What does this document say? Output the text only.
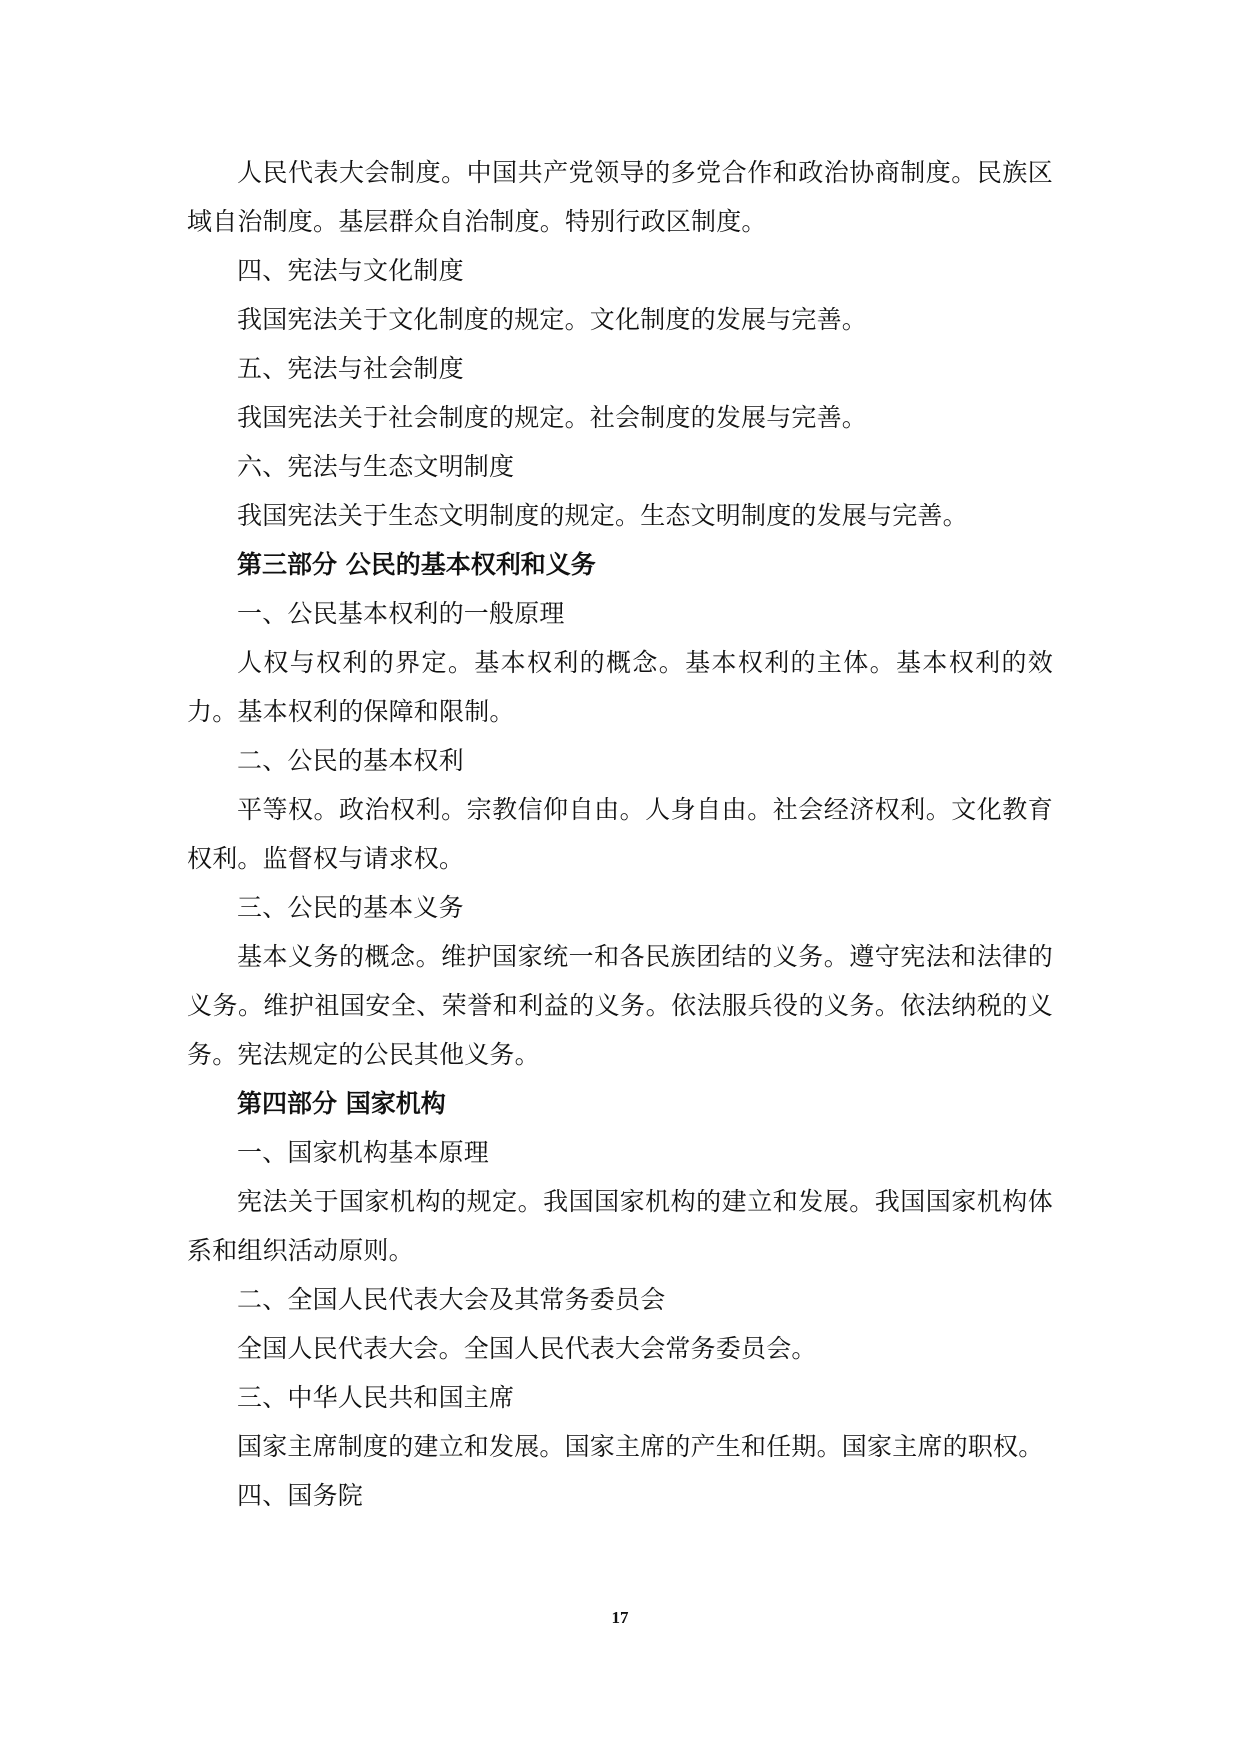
人民代表大会制度。中国共产党领导的多党合作和政治协商制度。民族区域自治制度。基层群众自治制度。特别行政区制度。

四、宪法与文化制度

我国宪法关于文化制度的规定。文化制度的发展与完善。

五、宪法与社会制度

我国宪法关于社会制度的规定。社会制度的发展与完善。

六、宪法与生态文明制度

我国宪法关于生态文明制度的规定。生态文明制度的发展与完善。

第三部分 公民的基本权利和义务

一、公民基本权利的一般原理

人权与权利的界定。基本权利的概念。基本权利的主体。基本权利的效力。基本权利的保障和限制。

二、公民的基本权利

平等权。政治权利。宗教信仰自由。人身自由。社会经济权利。文化教育权利。监督权与请求权。

三、公民的基本义务

基本义务的概念。维护国家统一和各民族团结的义务。遵守宪法和法律的义务。维护祖国安全、荣誉和利益的义务。依法服兵役的义务。依法纳税的义务。宪法规定的公民其他义务。

第四部分 国家机构

一、国家机构基本原理

宪法关于国家机构的规定。我国国家机构的建立和发展。我国国家机构体系和组织活动原则。

二、全国人民代表大会及其常务委员会

全国人民代表大会。全国人民代表大会常务委员会。

三、中华人民共和国主席

国家主席制度的建立和发展。国家主席的产生和任期。国家主席的职权。

四、国务院

17
